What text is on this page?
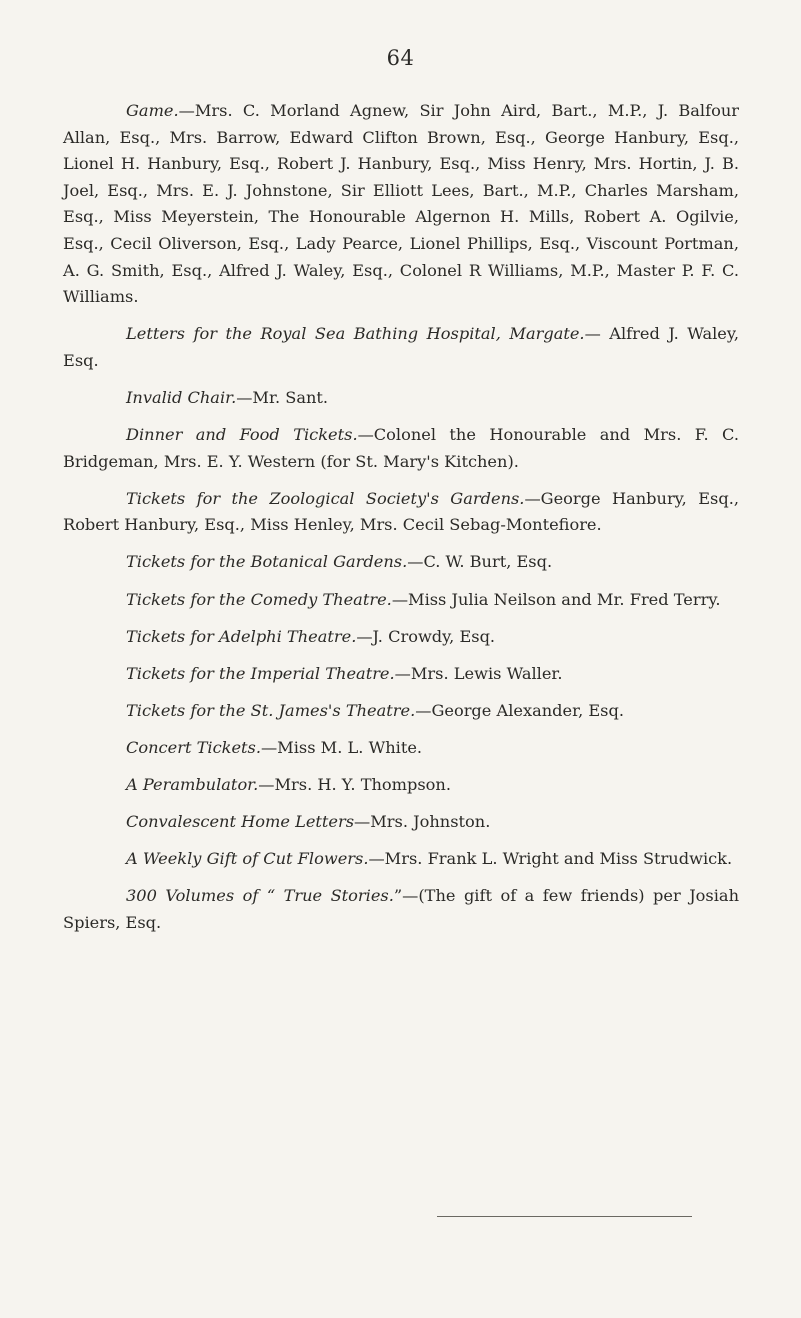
64

Game.—Mrs. C. Morland Agnew, Sir John Aird, Bart., M.P., J. Balfour Allan, Esq., Mrs. Barrow, Edward Clifton Brown, Esq., George Hanbury, Esq., Lionel H. Hanbury, Esq., Robert J. Hanbury, Esq., Miss Henry, Mrs. Hortin, J. B. Joel, Esq., Mrs. E. J. Johnstone, Sir Elliott Lees, Bart., M.P., Charles Marsham, Esq., Miss Meyerstein, The Honourable Algernon H. Mills, Robert A. Ogilvie, Esq., Cecil Oliverson, Esq., Lady Pearce, Lionel Phillips, Esq., Viscount Portman, A. G. Smith, Esq., Alfred J. Waley, Esq., Colonel R Williams, M.P., Master P. F. C. Williams.

Letters for the Royal Sea Bathing Hospital, Margate.— Alfred J. Waley, Esq.

Invalid Chair.—Mr. Sant.

Dinner and Food Tickets.—Colonel the Honourable and Mrs. F. C. Bridgeman, Mrs. E. Y. Western (for St. Mary's Kitchen).

Tickets for the Zoological Society's Gardens.—George Hanbury, Esq., Robert Hanbury, Esq., Miss Henley, Mrs. Cecil Sebag-Montefiore.

Tickets for the Botanical Gardens.—C. W. Burt, Esq.

Tickets for the Comedy Theatre.—Miss Julia Neilson and Mr. Fred Terry.

Tickets for Adelphi Theatre.—J. Crowdy, Esq.

Tickets for the Imperial Theatre.—Mrs. Lewis Waller.

Tickets for the St. James's Theatre.—George Alexander, Esq.

Concert Tickets.—Miss M. L. White.

A Perambulator.—Mrs. H. Y. Thompson.

Convalescent Home Letters—Mrs. Johnston.

A Weekly Gift of Cut Flowers.—Mrs. Frank L. Wright and Miss Strudwick.

300 Volumes of “ True Stories.”—(The gift of a few friends) per Josiah Spiers, Esq.
